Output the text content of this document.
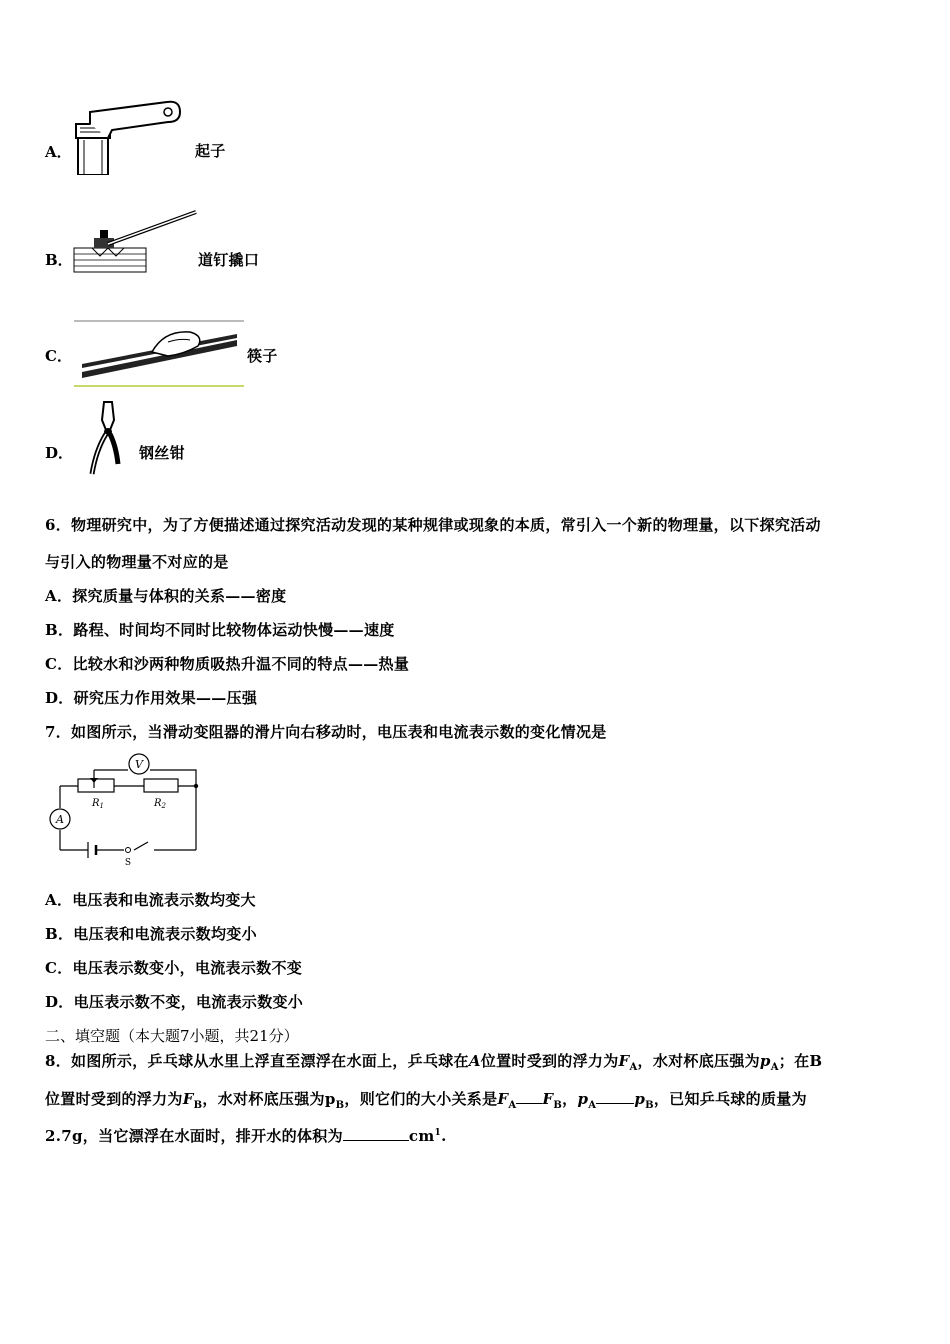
A．	起子
B．	道钉撬口
C．	筷子
D．	钢丝钳
6．物理研究中，为了方便描述通过探究活动发现的某种规律或现象的本质，常引入一个新的物理量，以下探究活动
与引入的物理量不对应的是
A．探究质量与体积的关系——密度
B．路程、时间均不同时比较物体运动快慢——速度
C．比较水和沙两种物质吸热升温不同的特点——热量
D．研究压力作用效果——压强
7．如图所示，当滑动变阻器的滑片向右移动时，电压表和电流表示数的变化情况是
V
A
$R_1$	$R_2$
S
A．电压表和电流表示数均变大
B．电压表和电流表示数均变小
C．电压表示数变小，电流表示数不变
D．电压表示数不变，电流表示数变小
二、填空题（本大题7小题，共21分）
8．如图所示，乒乓球从水里上浮直至漂浮在水面上，乒乓球在A位置时受到的浮力为$F_A$，水对杯底压强为$p_A$；在B
位置时受到的浮力为$F_B$，水对杯底压强为$p_B$，则它们的大小关系是$F_A$ $F_B$，$p_A$	$p_B$，已知乒乓球的质量为
2.7g，当它漂浮在水面时，排开水的体积为	$cm^1$.
